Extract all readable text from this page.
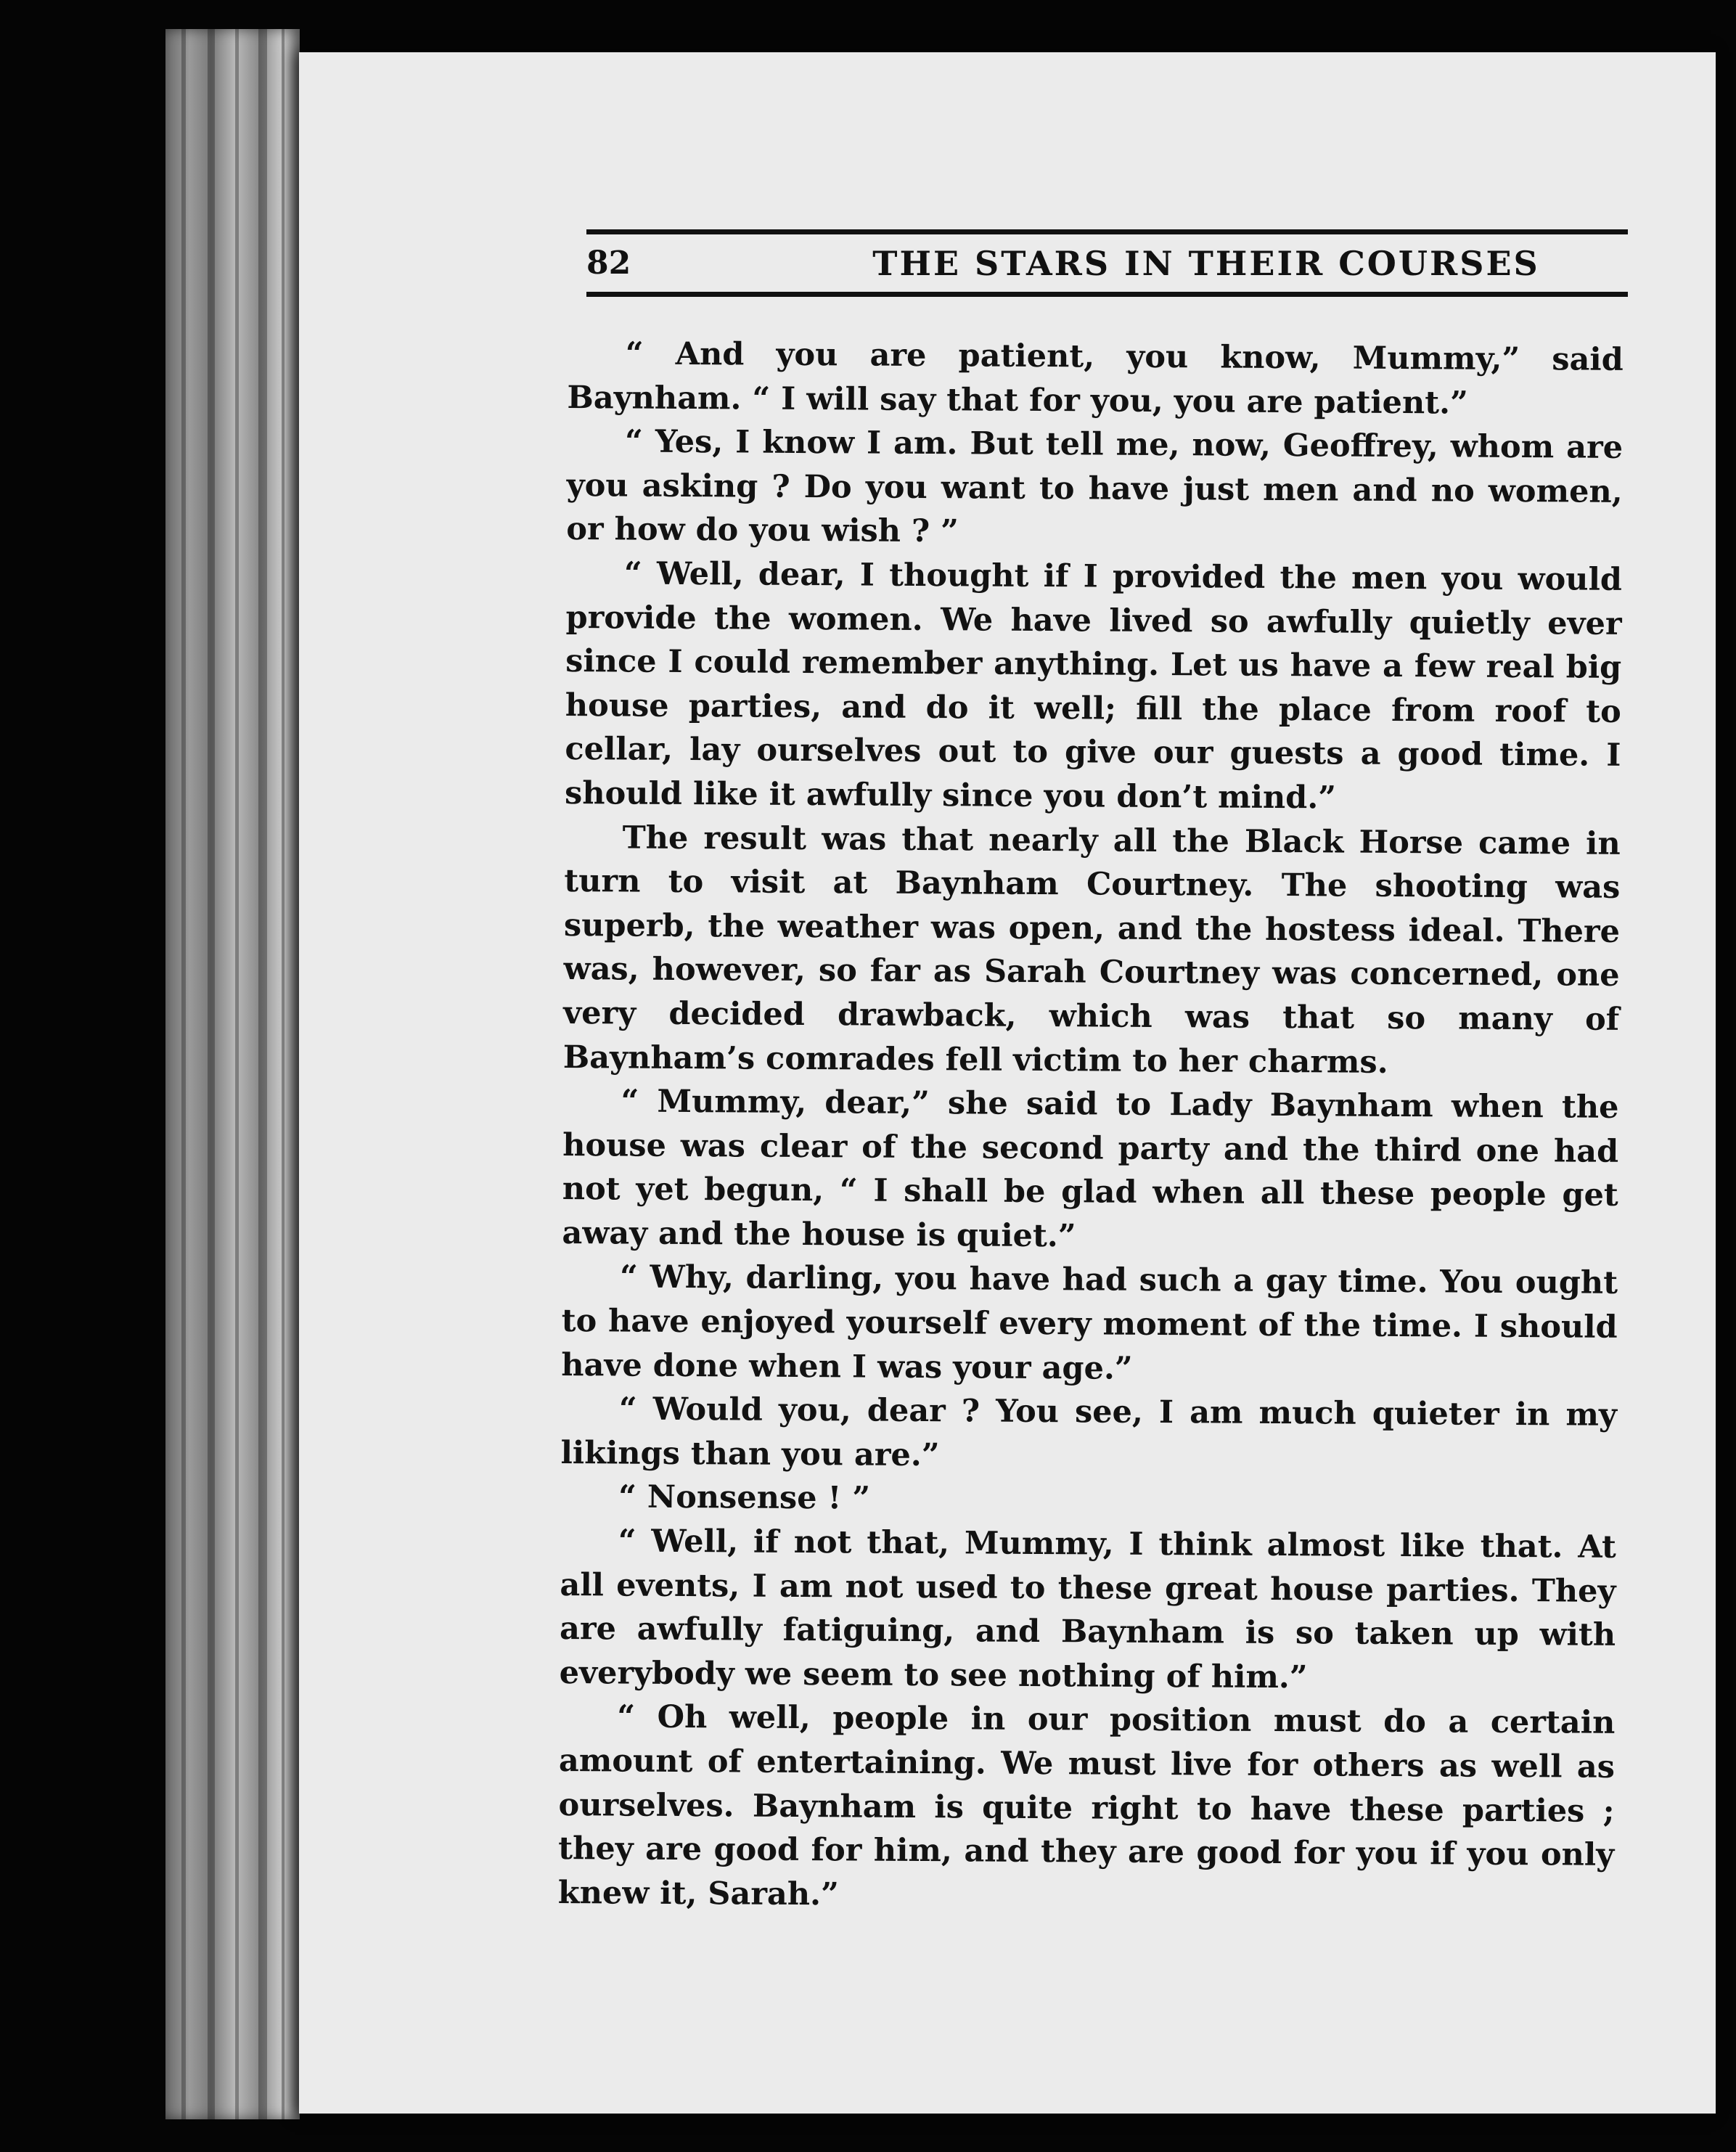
82	THE STARS IN THEIR COURSES

“ And you are patient, you know, Mummy,” said Baynham. “ I will say that for you, you are patient.”

“ Yes, I know I am. But tell me, now, Geoffrey, whom are you asking ? Do you want to have just men and no women, or how do you wish ? ”

“ Well, dear, I thought if I provided the men you would provide the women. We have lived so awfully quietly ever since I could remember anything. Let us have a few real big house parties, and do it well; fill the place from roof to cellar, lay ourselves out to give our guests a good time. I should like it awfully since you don’t mind.”

The result was that nearly all the Black Horse came in turn to visit at Baynham Courtney. The shooting was superb, the weather was open, and the hostess ideal. There was, however, so far as Sarah Courtney was concerned, one very decided drawback, which was that so many of Baynham’s comrades fell victim to her charms.

“ Mummy, dear,” she said to Lady Baynham when the house was clear of the second party and the third one had not yet begun, “ I shall be glad when all these people get away and the house is quiet.”

“ Why, darling, you have had such a gay time. You ought to have enjoyed yourself every moment of the time. I should have done when I was your age.”

“ Would you, dear ? You see, I am much quieter in my likings than you are.”

“ Nonsense ! ”

“ Well, if not that, Mummy, I think almost like that. At all events, I am not used to these great house parties. They are awfully fatiguing, and Baynham is so taken up with everybody we seem to see nothing of him.”

“ Oh well, people in our position must do a certain amount of entertaining. We must live for others as well as ourselves. Baynham is quite right to have these parties ; they are good for him, and they are good for you if you only knew it, Sarah.”
